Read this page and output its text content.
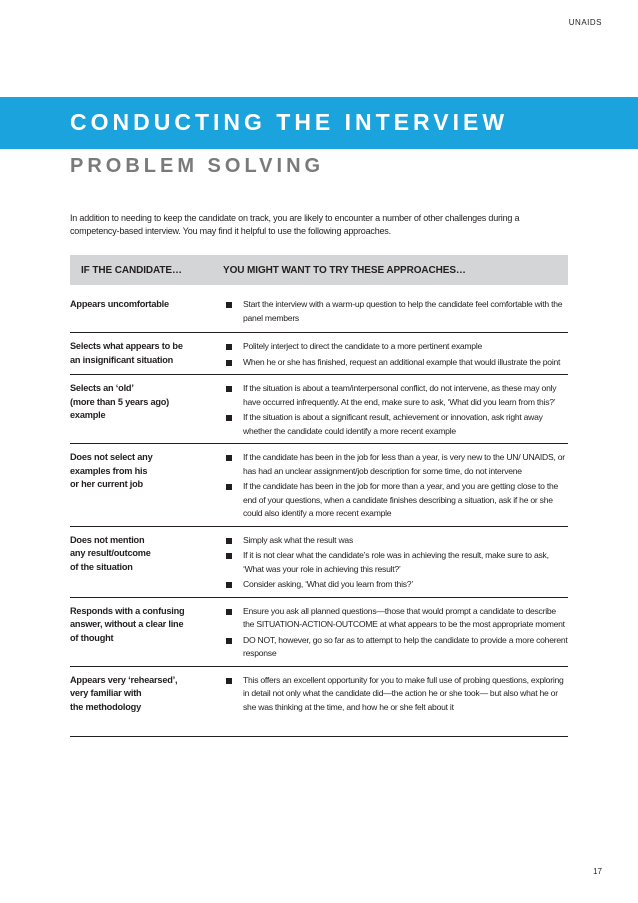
UNAIDS
CONDUCTING THE INTERVIEW
PROBLEM SOLVING

In addition to needing to keep the candidate on track, you are likely to encounter a number of other challenges during a competency-based interview. You may find it helpful to use the following approaches.

IF THE CANDIDATE…	YOU MIGHT WANT TO TRY THESE APPROACHES…
Appears uncomfortable	Start the interview with a warm-up question to help the candidate feel comfortable with the panel members
Selects what appears to be
an insignificant situation
Politely interject to direct the candidate to a more pertinent example
When he or she has finished, request an additional example that would illustrate the point
Selects an ‘old’
(more than 5 years ago)
example
If the situation is about a team/interpersonal conflict, do not intervene, as these may only have occurred infrequently. At the end, make sure to ask, ‘What did you learn from this?’
If the situation is about a significant result, achievement or innovation, ask right away whether the candidate could identify a more recent example
Does not select any
examples from his
or her current job
If the candidate has been in the job for less than a year, is very new to the UN/ UNAIDS, or has had an unclear assignment/job description for some time, do not intervene
If the candidate has been in the job for more than a year, and you are getting close to the end of your questions, when a candidate finishes describing a situation, ask if he or she could also identify a more recent example
Does not mention
any result/outcome
of the situation
Simply ask what the result was
If it is not clear what the candidate’s role was in achieving the result, make sure to ask, ‘What was your role in achieving this result?’
Consider asking, ‘What did you learn from this?’
Responds with a confusing
answer, without a clear line
of thought
Ensure you ask all planned questions—those that would prompt a candidate to describe the SITUATION-ACTION-OUTCOME at what appears to be the most appropriate moment
DO NOT, however, go so far as to attempt to help the candidate to provide a more coherent response
Appears very ‘rehearsed’,
very familiar with
the methodology
This offers an excellent opportunity for you to make full use of probing questions, exploring in detail not only what the candidate did—the action he or she took— but also what he or she was thinking at the time, and how he or she felt about it
17
